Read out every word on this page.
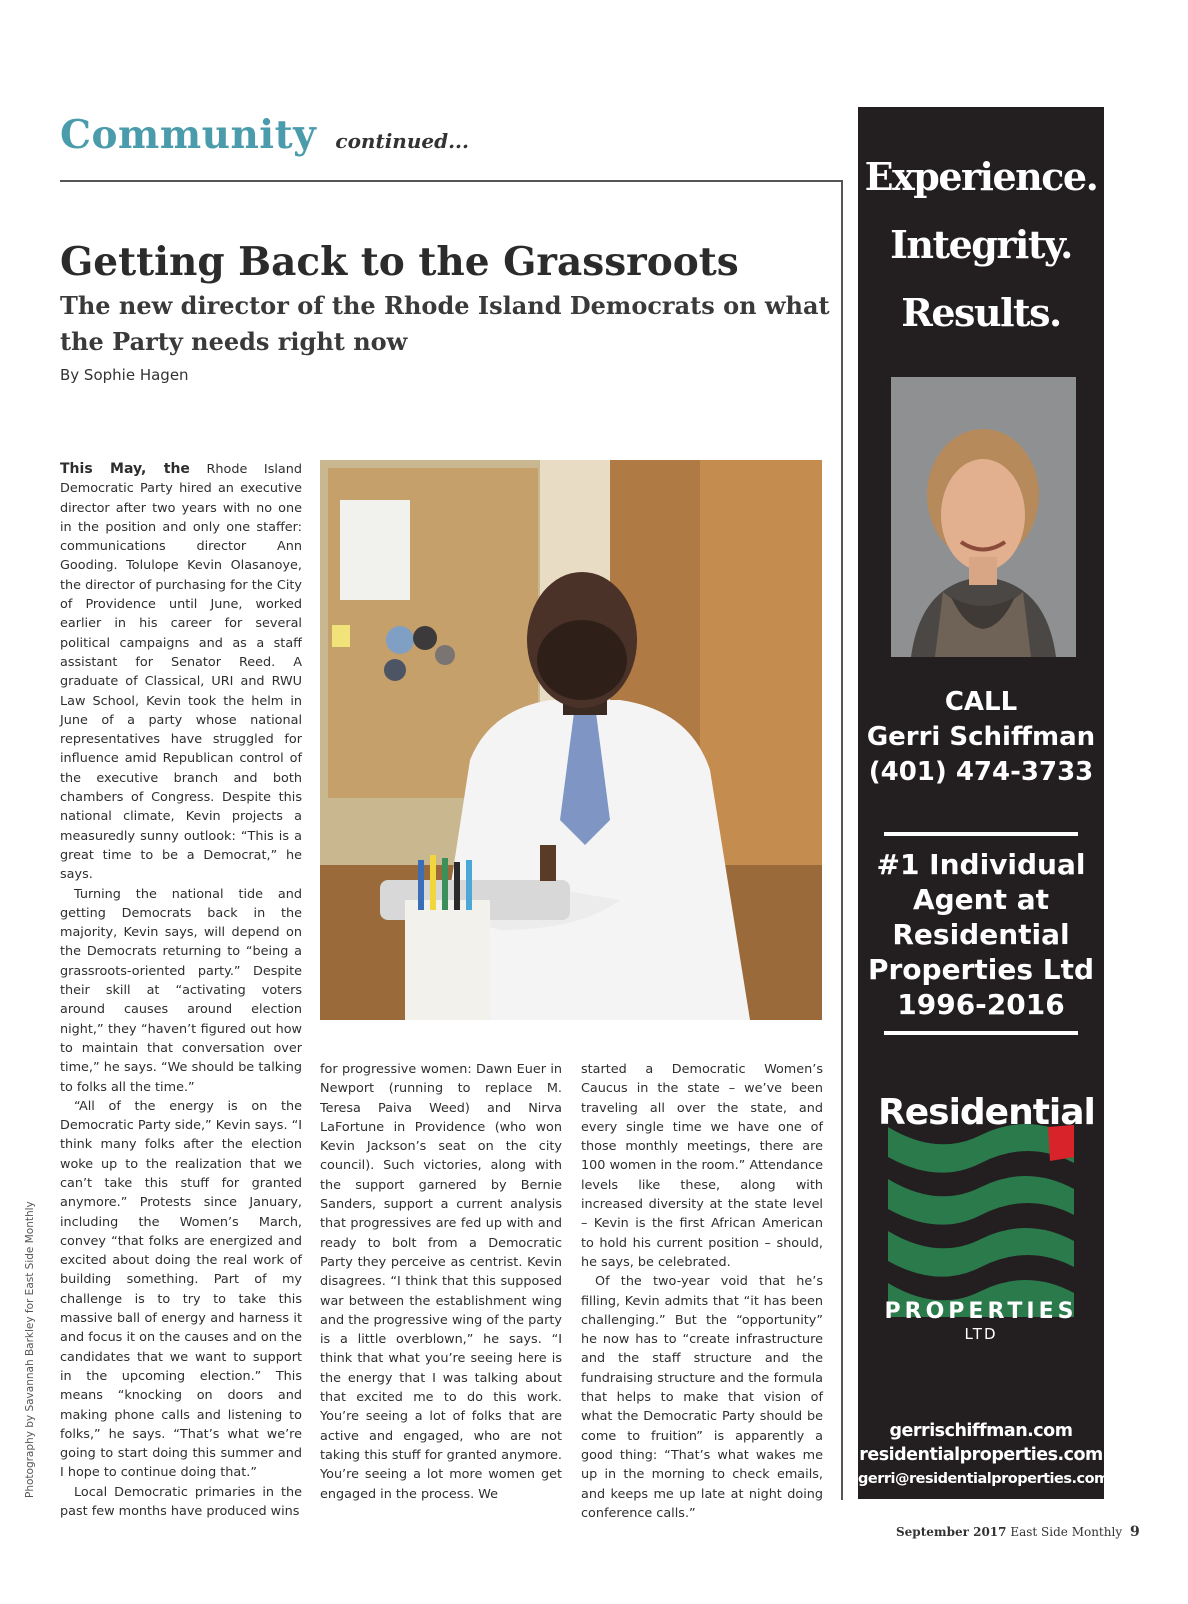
Community continued...
Getting Back to the Grassroots
The new director of the Rhode Island Democrats on what the Party needs right now
By Sophie Hagen

This May, the Rhode Island Democratic Party hired an executive director after two years with no one in the position and only one staffer: communications director Ann Gooding. Tolulope Kevin Olasanoye, the director of purchasing for the City of Providence until June, worked earlier in his career for several political campaigns and as a staff assistant for Senator Reed. A graduate of Classical, URI and RWU Law School, Kevin took the helm in June of a party whose national representatives have struggled for influence amid Republican control of the executive branch and both chambers of Congress. Despite this national climate, Kevin projects a measuredly sunny outlook: “This is a great time to be a Democrat,” he says.

Turning the national tide and getting Democrats back in the majority, Kevin says, will depend on the Democrats returning to “being a grassroots-oriented party.” Despite their skill at “activating voters around causes around election night,” they “haven’t figured out how to maintain that conversation over time,” he says. “We should be talking to folks all the time.”

“All of the energy is on the Democratic Party side,” Kevin says. “I think many folks after the election woke up to the realization that we can’t take this stuff for granted anymore.” Protests since January, including the Women’s March, convey “that folks are energized and excited about doing the real work of building something. Part of my challenge is to try to take this massive ball of energy and harness it and focus it on the causes and on the candidates that we want to support in the upcoming election.” This means “knocking on doors and making phone calls and listening to folks,” he says. “That’s what we’re going to start doing this summer and I hope to continue doing that.”

Local Democratic primaries in the past few months have produced wins

for progressive women: Dawn Euer in Newport (running to replace M. Teresa Paiva Weed) and Nirva LaFortune in Providence (who won Kevin Jackson’s seat on the city council). Such victories, along with the support garnered by Bernie Sanders, support a current analysis that progressives are fed up with and ready to bolt from a Democratic Party they perceive as centrist. Kevin disagrees. “I think that this supposed war between the establishment wing and the progressive wing of the party is a little overblown,” he says. “I think that what you’re seeing here is the energy that I was talking about that excited me to do this work. You’re seeing a lot of folks that are active and engaged, who are not taking this stuff for granted anymore. You’re seeing a lot more women get engaged in the process. We

started a Democratic Women’s Caucus in the state – we’ve been traveling all over the state, and every single time we have one of those monthly meetings, there are 100 women in the room.” Attendance levels like these, along with increased diversity at the state level – Kevin is the first African American to hold his current position – should, he says, be celebrated.

Of the two-year void that he’s filling, Kevin admits that “it has been challenging.” But the “opportunity” he now has to “create infrastructure and the staff structure and the fundraising structure and the formula that helps to make that vision of what the Democratic Party should be come to fruition” is apparently a good thing: “That’s what wakes me up in the morning to check emails, and keeps me up late at night doing conference calls.”

Photography by Savannah Barkley for East Side Monthly
Experience.
Integrity.
Results.
CALL
Gerri Schiffman
(401) 474-3733
#1 Individual
Agent at
Residential
Properties Ltd
1996-2016
Residential
PROPERTIES
LTD
gerrischiffman.com
residentialproperties.com
gerri@residentialproperties.com
September 2017 East Side Monthly 9
